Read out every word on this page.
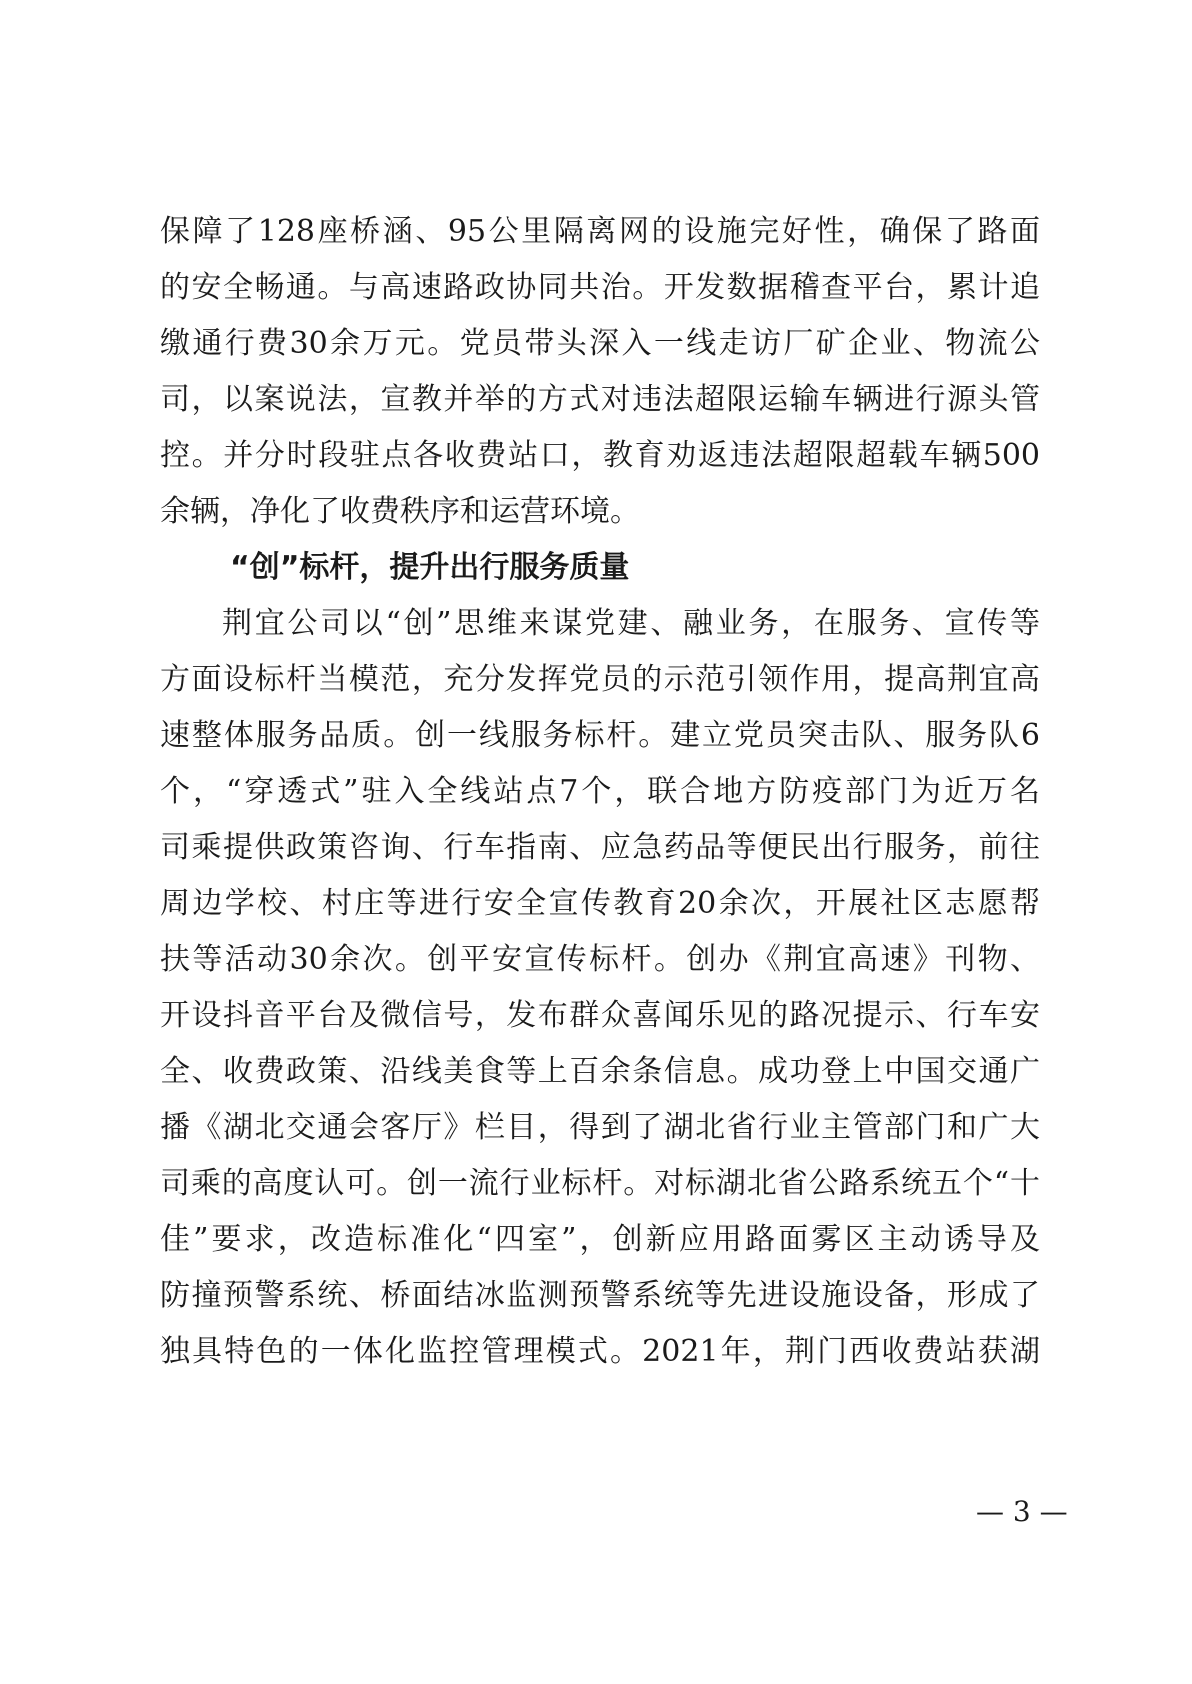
保障了128座桥涵、95公里隔离网的设施完好性，确保了路面
的安全畅通。与高速路政协同共治。开发数据稽查平台，累计追
缴通行费30余万元。党员带头深入一线走访厂矿企业、物流公
司，以案说法，宣教并举的方式对违法超限运输车辆进行源头管
控。并分时段驻点各收费站口，教育劝返违法超限超载车辆500
余辆，净化了收费秩序和运营环境。
“创”标杆，提升出行服务质量
荆宜公司以“创”思维来谋党建、融业务，在服务、宣传等
方面设标杆当模范，充分发挥党员的示范引领作用，提高荆宜高
速整体服务品质。创一线服务标杆。建立党员突击队、服务队6
个，“穿透式”驻入全线站点7个，联合地方防疫部门为近万名
司乘提供政策咨询、行车指南、应急药品等便民出行服务，前往
周边学校、村庄等进行安全宣传教育20余次，开展社区志愿帮
扶等活动30余次。创平安宣传标杆。创办《荆宜高速》刊物、
开设抖音平台及微信号，发布群众喜闻乐见的路况提示、行车安
全、收费政策、沿线美食等上百余条信息。成功登上中国交通广
播《湖北交通会客厅》栏目，得到了湖北省行业主管部门和广大
司乘的高度认可。创一流行业标杆。对标湖北省公路系统五个“十
佳”要求，改造标准化“四室”，创新应用路面雾区主动诱导及
防撞预警系统、桥面结冰监测预警系统等先进设施设备，形成了
独具特色的一体化监控管理模式。2021年，荆门西收费站获湖
— 3 —
